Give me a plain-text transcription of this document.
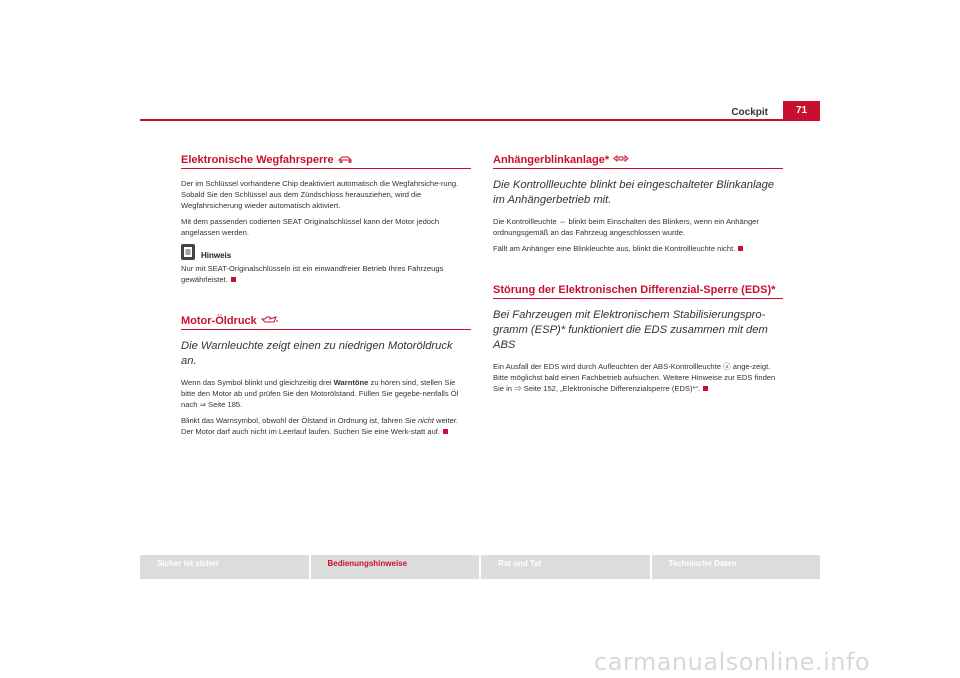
Cockpit	71
Elektronische Wegfahrsperre

Der im Schlüssel vorhandene Chip deaktiviert automatisch die Wegfahrsiche-rung. Sobald Sie den Schlüssel aus dem Zündschloss herausziehen, wird die Wegfahrsicherung wieder automatisch aktiviert.

Mit dem passenden codierten SEAT Originalschlüssel kann der Motor jedoch angelassen werden.

Hinweis

Nur mit SEAT-Originalschlüsseln ist ein einwandfreier Betrieb Ihres Fahrzeugs gewährleistet.

Motor-Öldruck

Die Warnleuchte zeigt einen zu niedrigen Motoröldruck an.

Wenn das Symbol blinkt und gleichzeitig drei Warntöne zu hören sind, stellen Sie bitte den Motor ab und prüfen Sie den Motorölstand. Füllen Sie gegebe-nenfalls Öl nach ⇒ Seite 185.

Blinkt das Warnsymbol, obwohl der Ölstand in Ordnung ist, fahren Sie nicht weiter. Der Motor darf auch nicht im Leerlauf laufen. Suchen Sie eine Werk-statt auf.

Anhängerblinkanlage*

Die Kontrollleuchte blinkt bei eingeschalteter Blinkanlage im Anhängerbetrieb mit.

Die Kontrollleuchte ⇔ blinkt beim Einschalten des Blinkers, wenn ein Anhänger ordnungsgemäß an das Fahrzeug angeschlossen wurde.

Fällt am Anhänger eine Blinkleuchte aus, blinkt die Kontrollleuchte nicht.

Störung der Elektronischen Differenzial-Sperre (EDS)*

Bei Fahrzeugen mit Elektronischem Stabilisierungspro-gramm (ESP)* funktioniert die EDS zusammen mit dem ABS

Ein Ausfall der EDS wird durch Aufleuchten der ABS-Kontrollleuchte ⓐ ange-zeigt. Bitte möglichst bald einen Fachbetrieb aufsuchen. Weitere Hinweise zur EDS finden Sie in ⇒ Seite 152, „Elektronische Differenzialsperre (EDS)*“.

Sicher ist sicher	Bedienungshinweise	Rat und Tat	Technische Daten
carmanualsonline.info
